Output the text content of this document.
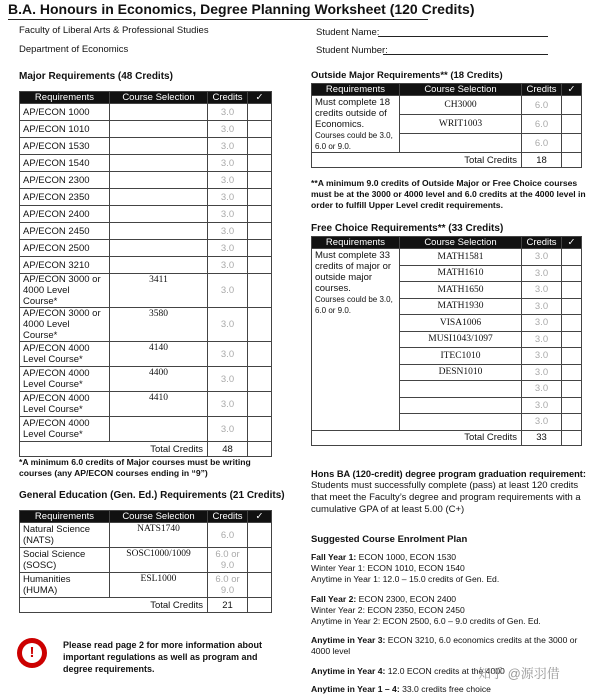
B.A. Honours in Economics, Degree Planning Worksheet (120 Credits)
Faculty of Liberal Arts & Professional Studies
Department of Economics
Student Name:
Student Number:
Major Requirements (48 Credits)
Requirements	Course Selection	Credits	✓
AP/ECON 1000		3.0	
AP/ECON 1010		3.0	
AP/ECON 1530		3.0	
AP/ECON 1540		3.0	
AP/ECON 2300		3.0	
AP/ECON 2350		3.0	
AP/ECON 2400		3.0	
AP/ECON 2450		3.0	
AP/ECON 2500		3.0	
AP/ECON 3210		3.0	
AP/ECON 3000 or 4000 Level Course*	3411	3.0	
AP/ECON 3000 or 4000 Level Course*	3580	3.0	
AP/ECON 4000 Level Course*	4140	3.0	
AP/ECON 4000 Level Course*	4400	3.0	
AP/ECON 4000 Level Course*	4410	3.0	
AP/ECON 4000 Level Course*		3.0	
Total Credits		48	
*A minimum 6.0 credits of Major courses must be writing courses (any AP/ECON courses ending in “9”)
General Education (Gen. Ed.) Requirements (21 Credits)
Requirements	Course Selection	Credits	✓
Natural Science (NATS)	NATS1740	6.0	
Social Science (SOSC)	SOSC1000/1009	6.0 or 9.0	
Humanities (HUMA)	ESL1000	6.0 or 9.0	
Total Credits		21	
!	Please read page 2 for more information about important regulations as well as program and degree requirements.
Outside Major Requirements** (18 Credits)
Requirements	Course Selection	Credits	✓
Must complete 18 credits outside of Economics. Courses could be 3.0, 6.0 or 9.0.	CH3000	6.0	
	WRIT1003	6.0	
		6.0	
Total Credits		18	
**A minimum 9.0 credits of Outside Major or Free Choice courses must be at the 3000 or 4000 level and 6.0 credits at the 4000 level in order to fulfill Upper Level credit requirements.
Free Choice Requirements** (33 Credits)
Requirements	Course Selection	Credits	✓

Must complete 33 credits of major or outside major courses.
Courses could be 3.0, 6.0 or 9.0.	MATH1581	3.0	
	MATH1610	3.0	
	MATH1650	3.0	
	MATH1930	3.0	
	VISA1006	3.0	
	MUSI1043/1097	3.0	
	ITEC1010	3.0	
	DESN1010	3.0	
		3.0	
		3.0	
		3.0	
Total Credits		33	
Hons BA (120-credit) degree program graduation requirement:
Students must successfully complete (pass) at least 120 credits that meet the Faculty’s degree and program requirements with a cumulative GPA of at least 5.00 (C+)
Suggested Course Enrolment Plan
Fall Year 1: ECON 1000, ECON 1530
Winter Year 1: ECON 1010, ECON 1540
Anytime in Year 1: 12.0 – 15.0 credits of Gen. Ed.
Fall Year 2: ECON 2300, ECON 2400
Winter Year 2: ECON 2350, ECON 2450
Anytime in Year 2: ECON 2500, 6.0 – 9.0 credits of Gen. Ed.
Anytime in Year 3: ECON 3210, 6.0 economics credits at the 3000 or 4000 level
Anytime in Year 4: 12.0 ECON credits at the 4000
Anytime in Year 1 – 4: 33.0 credits free choice
知乎 @源羽借
